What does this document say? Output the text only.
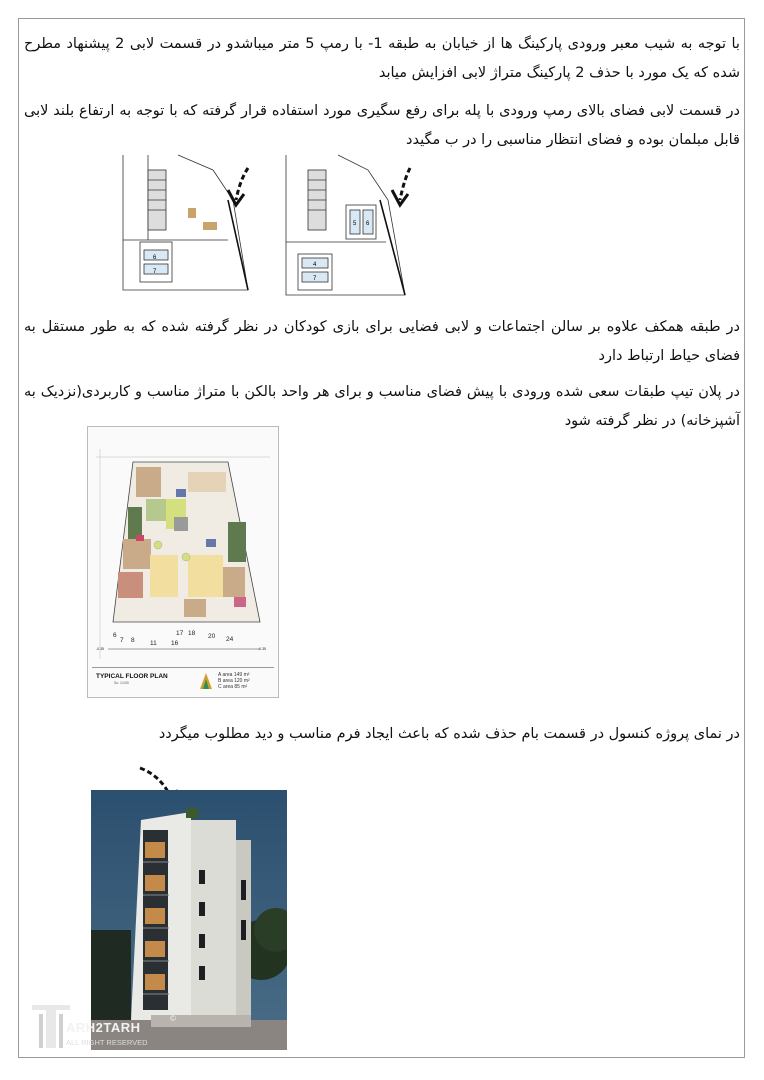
با توجه به شیب معبر ورودی پارکینگ ها از خیابان به طبقه 1- با رمپ 5 متر میباشدو در قسمت لابی 2 پیشنهاد مطرح شده که یک مورد با حذف 2 پارکینگ متراژ لابی افزایش میابد
در قسمت لابی فضای بالای رمپ ورودی با پله برای رفع سگیری مورد استفاده قرار گرفته که با توجه به ارتفاع بلند لابی قابل مبلمان بوده و فضای انتظار مناسبی را در ب مگیدد
6
7
5 6
4
7
در طبقه همکف علاوه بر سالن اجتماعات و لابی فضایی برای بازی کودکان در نظر گرفته شده که به طور مستقل به فضای حیاط ارتباط دارد
در پلان تیپ طبقات سعی شده ورودی با پیش فضای مناسب و برای هر واحد بالکن با متراژ مناسب و کاربردی(نزدیک به آشپزخانه) در نظر گرفته شود
6
7 8 11 16
17 18 20 24
-0.35	-0.35
TYPICAL FLOOR PLAN
Sc: 1/100
A area 149 m²
B area 120 m²
C area 85 m²
در نمای پروژه کنسول در قسمت بام حذف شده که باعث ایجاد فرم مناسب و دید مطلوب میگردد
ARH2TARH
©
ALL RIGHT RESERVED
